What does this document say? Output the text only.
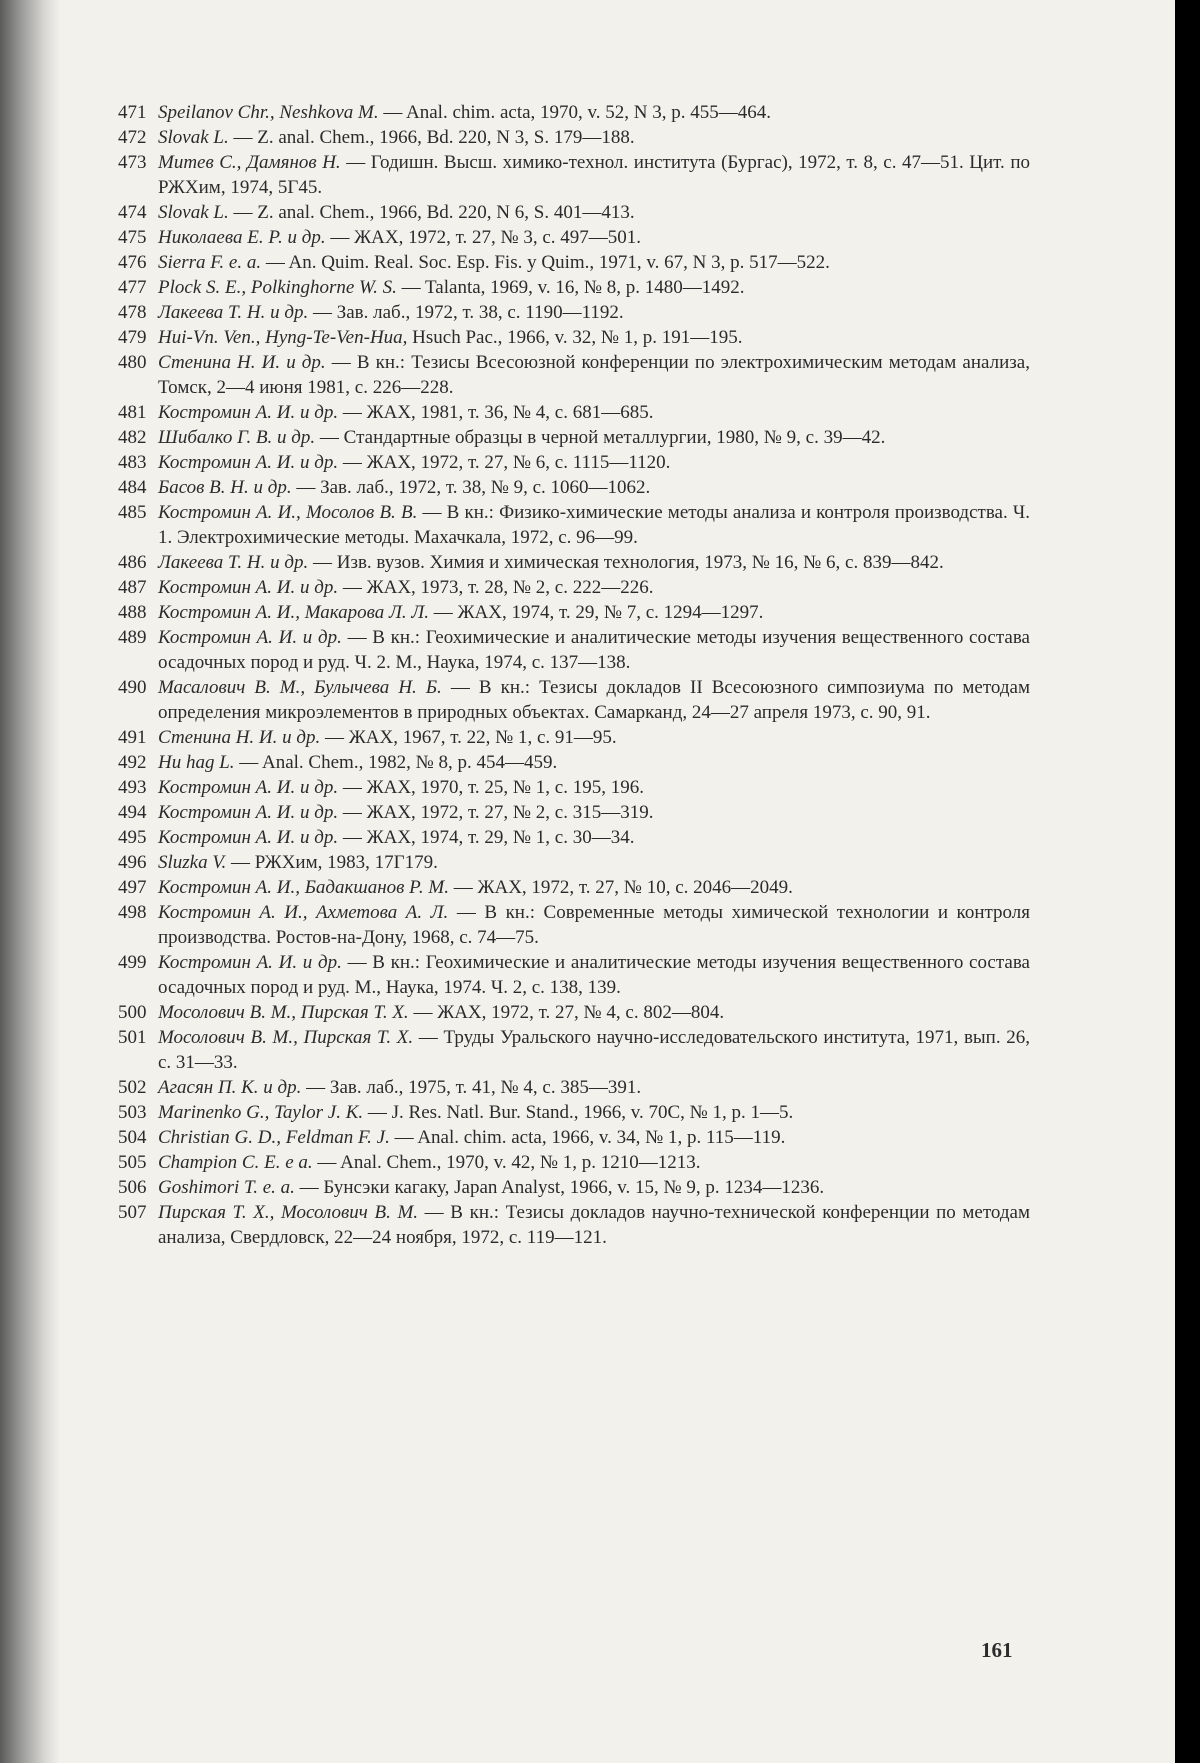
471 Speilanov Chr., Neshkova M. — Anal. chim. acta, 1970, v. 52, N 3, p. 455—464.
472 Slovak L. — Z. anal. Chem., 1966, Bd. 220, N 3, S. 179—188.
473 Митев С., Дамянов Н. — Годишн. Высш. химико-технол. института (Бургас), 1972, т. 8, с. 47—51. Цит. по РЖХим, 1974, 5Г45.
474 Slovak L. — Z. anal. Chem., 1966, Bd. 220, N 6, S. 401—413.
475 Николаева Е. Р. и др. — ЖАХ, 1972, т. 27, № 3, с. 497—501.
476 Sierra F. e. a. — An. Quim. Real. Soc. Esp. Fis. y Quim., 1971, v. 67, N 3, p. 517—522.
477 Plock S. E., Polkinghorne W. S. — Talanta, 1969, v. 16, № 8, p. 1480—1492.
478 Лакеева Т. Н. и др. — Зав. лаб., 1972, т. 38, с. 1190—1192.
479 Hui-Vn. Ven., Hyng-Te-Ven-Hua, Hsuch Pac., 1966, v. 32, № 1, p. 191—195.
480 Стенина Н. И. и др. — В кн.: Тезисы Всесоюзной конференции по электрохимическим методам анализа, Томск, 2—4 июня 1981, с. 226—228.
481 Костромин А. И. и др. — ЖАХ, 1981, т. 36, № 4, с. 681—685.
482 Шибалко Г. В. и др. — Стандартные образцы в черной металлургии, 1980, № 9, с. 39—42.
483 Костромин А. И. и др. — ЖАХ, 1972, т. 27, № 6, с. 1115—1120.
484 Басов В. Н. и др. — Зав. лаб., 1972, т. 38, № 9, с. 1060—1062.
485 Костромин А. И., Мосолов В. В. — В кн.: Физико-химические методы анализа и контроля производства. Ч. 1. Электрохимические методы. Махачкала, 1972, с. 96—99.
486 Лакеева Т. Н. и др. — Изв. вузов. Химия и химическая технология, 1973, № 16, № 6, с. 839—842.
487 Костромин А. И. и др. — ЖАХ, 1973, т. 28, № 2, с. 222—226.
488 Костромин А. И., Макарова Л. Л. — ЖАХ, 1974, т. 29, № 7, с. 1294—1297.
489 Костромин А. И. и др. — В кн.: Геохимические и аналитические методы изучения вещественного состава осадочных пород и руд. Ч. 2. М., Наука, 1974, с. 137—138.
490 Масалович В. М., Булычева Н. Б. — В кн.: Тезисы докладов II Всесоюзного симпозиума по методам определения микроэлементов в природных объектах. Самарканд, 24—27 апреля 1973, с. 90, 91.
491 Стенина Н. И. и др. — ЖАХ, 1967, т. 22, № 1, с. 91—95.
492 Hu hag L. — Anal. Chem., 1982, № 8, p. 454—459.
493 Костромин А. И. и др. — ЖАХ, 1970, т. 25, № 1, с. 195, 196.
494 Костромин А. И. и др. — ЖАХ, 1972, т. 27, № 2, с. 315—319.
495 Костромин А. И. и др. — ЖАХ, 1974, т. 29, № 1, с. 30—34.
496 Sluzka V. — РЖХим, 1983, 17Г179.
497 Костромин А. И., Бадакшанов Р. М. — ЖАХ, 1972, т. 27, № 10, с. 2046—2049.
498 Костромин А. И., Ахметова А. Л. — В кн.: Современные методы химической технологии и контроля производства. Ростов-на-Дону, 1968, с. 74—75.
499 Костромин А. И. и др. — В кн.: Геохимические и аналитические методы изучения вещественного состава осадочных пород и руд. М., Наука, 1974. Ч. 2, с. 138, 139.
500 Мосолович В. М., Пирская Т. Х. — ЖАХ, 1972, т. 27, № 4, с. 802—804.
501 Мосолович В. М., Пирская Т. Х. — Труды Уральского научно-исследовательского института, 1971, вып. 26, с. 31—33.
502 Агасян П. К. и др. — Зав. лаб., 1975, т. 41, № 4, с. 385—391.
503 Marinenko G., Taylor J. K. — J. Res. Natl. Bur. Stand., 1966, v. 70C, № 1, p. 1—5.
504 Christian G. D., Feldman F. J. — Anal. chim. acta, 1966, v. 34, № 1, p. 115—119.
505 Champion C. E. e a. — Anal. Chem., 1970, v. 42, № 1, p. 1210—1213.
506 Goshimori T. e. a. — Бунсэки кагаку, Japan Analyst, 1966, v. 15, № 9, p. 1234—1236.
507 Пирская Т. Х., Мосолович В. М. — В кн.: Тезисы докладов научно-технической конференции по методам анализа, Свердловск, 22—24 ноября, 1972, с. 119—121.
161
